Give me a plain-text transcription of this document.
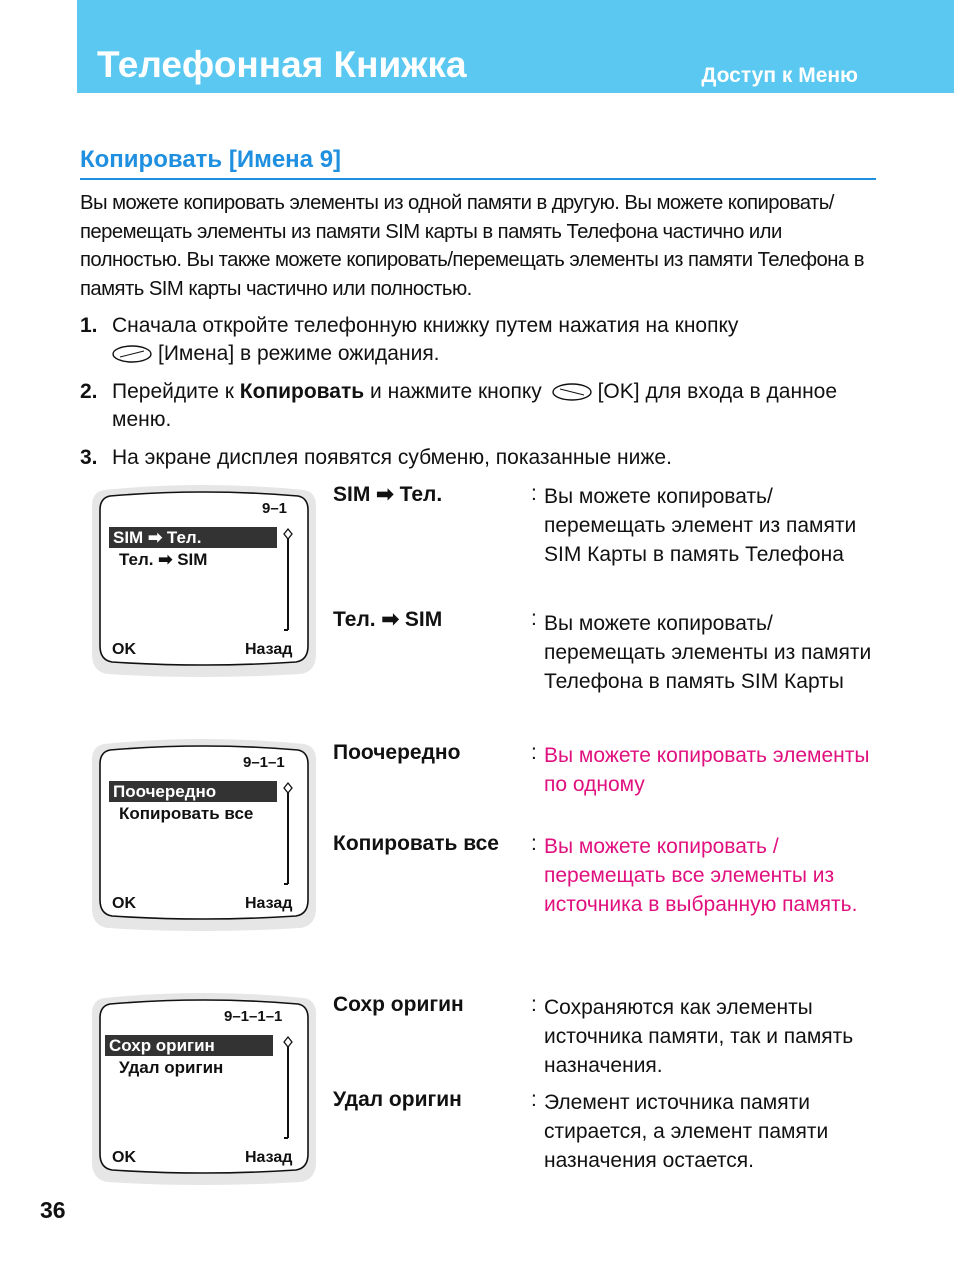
Телефонная Книжка	Доступ к Меню
Копировать [Имена 9]
Вы можете копировать элементы из одной памяти в другую. Вы можете копировать/перемещать элементы из памяти SIM карты в память Телефона частично или полностью. Вы также можете копировать/перемещать элементы из памяти Телефона в память SIM карты частично или полностью.
1. Сначала откройте телефонную книжку путем нажатия на кнопку
[Имена] в режиме ожидания.
2. Перейдите к Копировать и нажмите кнопку	[OK] для входа в данное меню.
3. На экране дисплея появятся субменю, показанные ниже.
9–1
SIM ➡ Тел.
Тел. ➡ SIM
OK	Назад
9–1–1
Поочередно
Копировать все
OK	Назад
9–1–1–1
Сохр оригин
Удал оригин
OK	Назад
SIM ➡ Тел.	: Вы можете копировать/ перемещать элемент из памяти SIM Карты в память Телефона
Тел. ➡ SIM	: Вы можете копировать/ перемещать элементы из памяти Телефона в память SIM Карты
Поочередно	: Вы можете копировать элементы по одному
Копировать все : Вы можете копировать /перемещать все элементы из источника в выбранную память.
Сохр оригин	: Сохраняются как элементы источника памяти, так и память назначения.
Удал оригин	: Элемент источника памяти стирается, а элемент памяти назначения остается.
36
